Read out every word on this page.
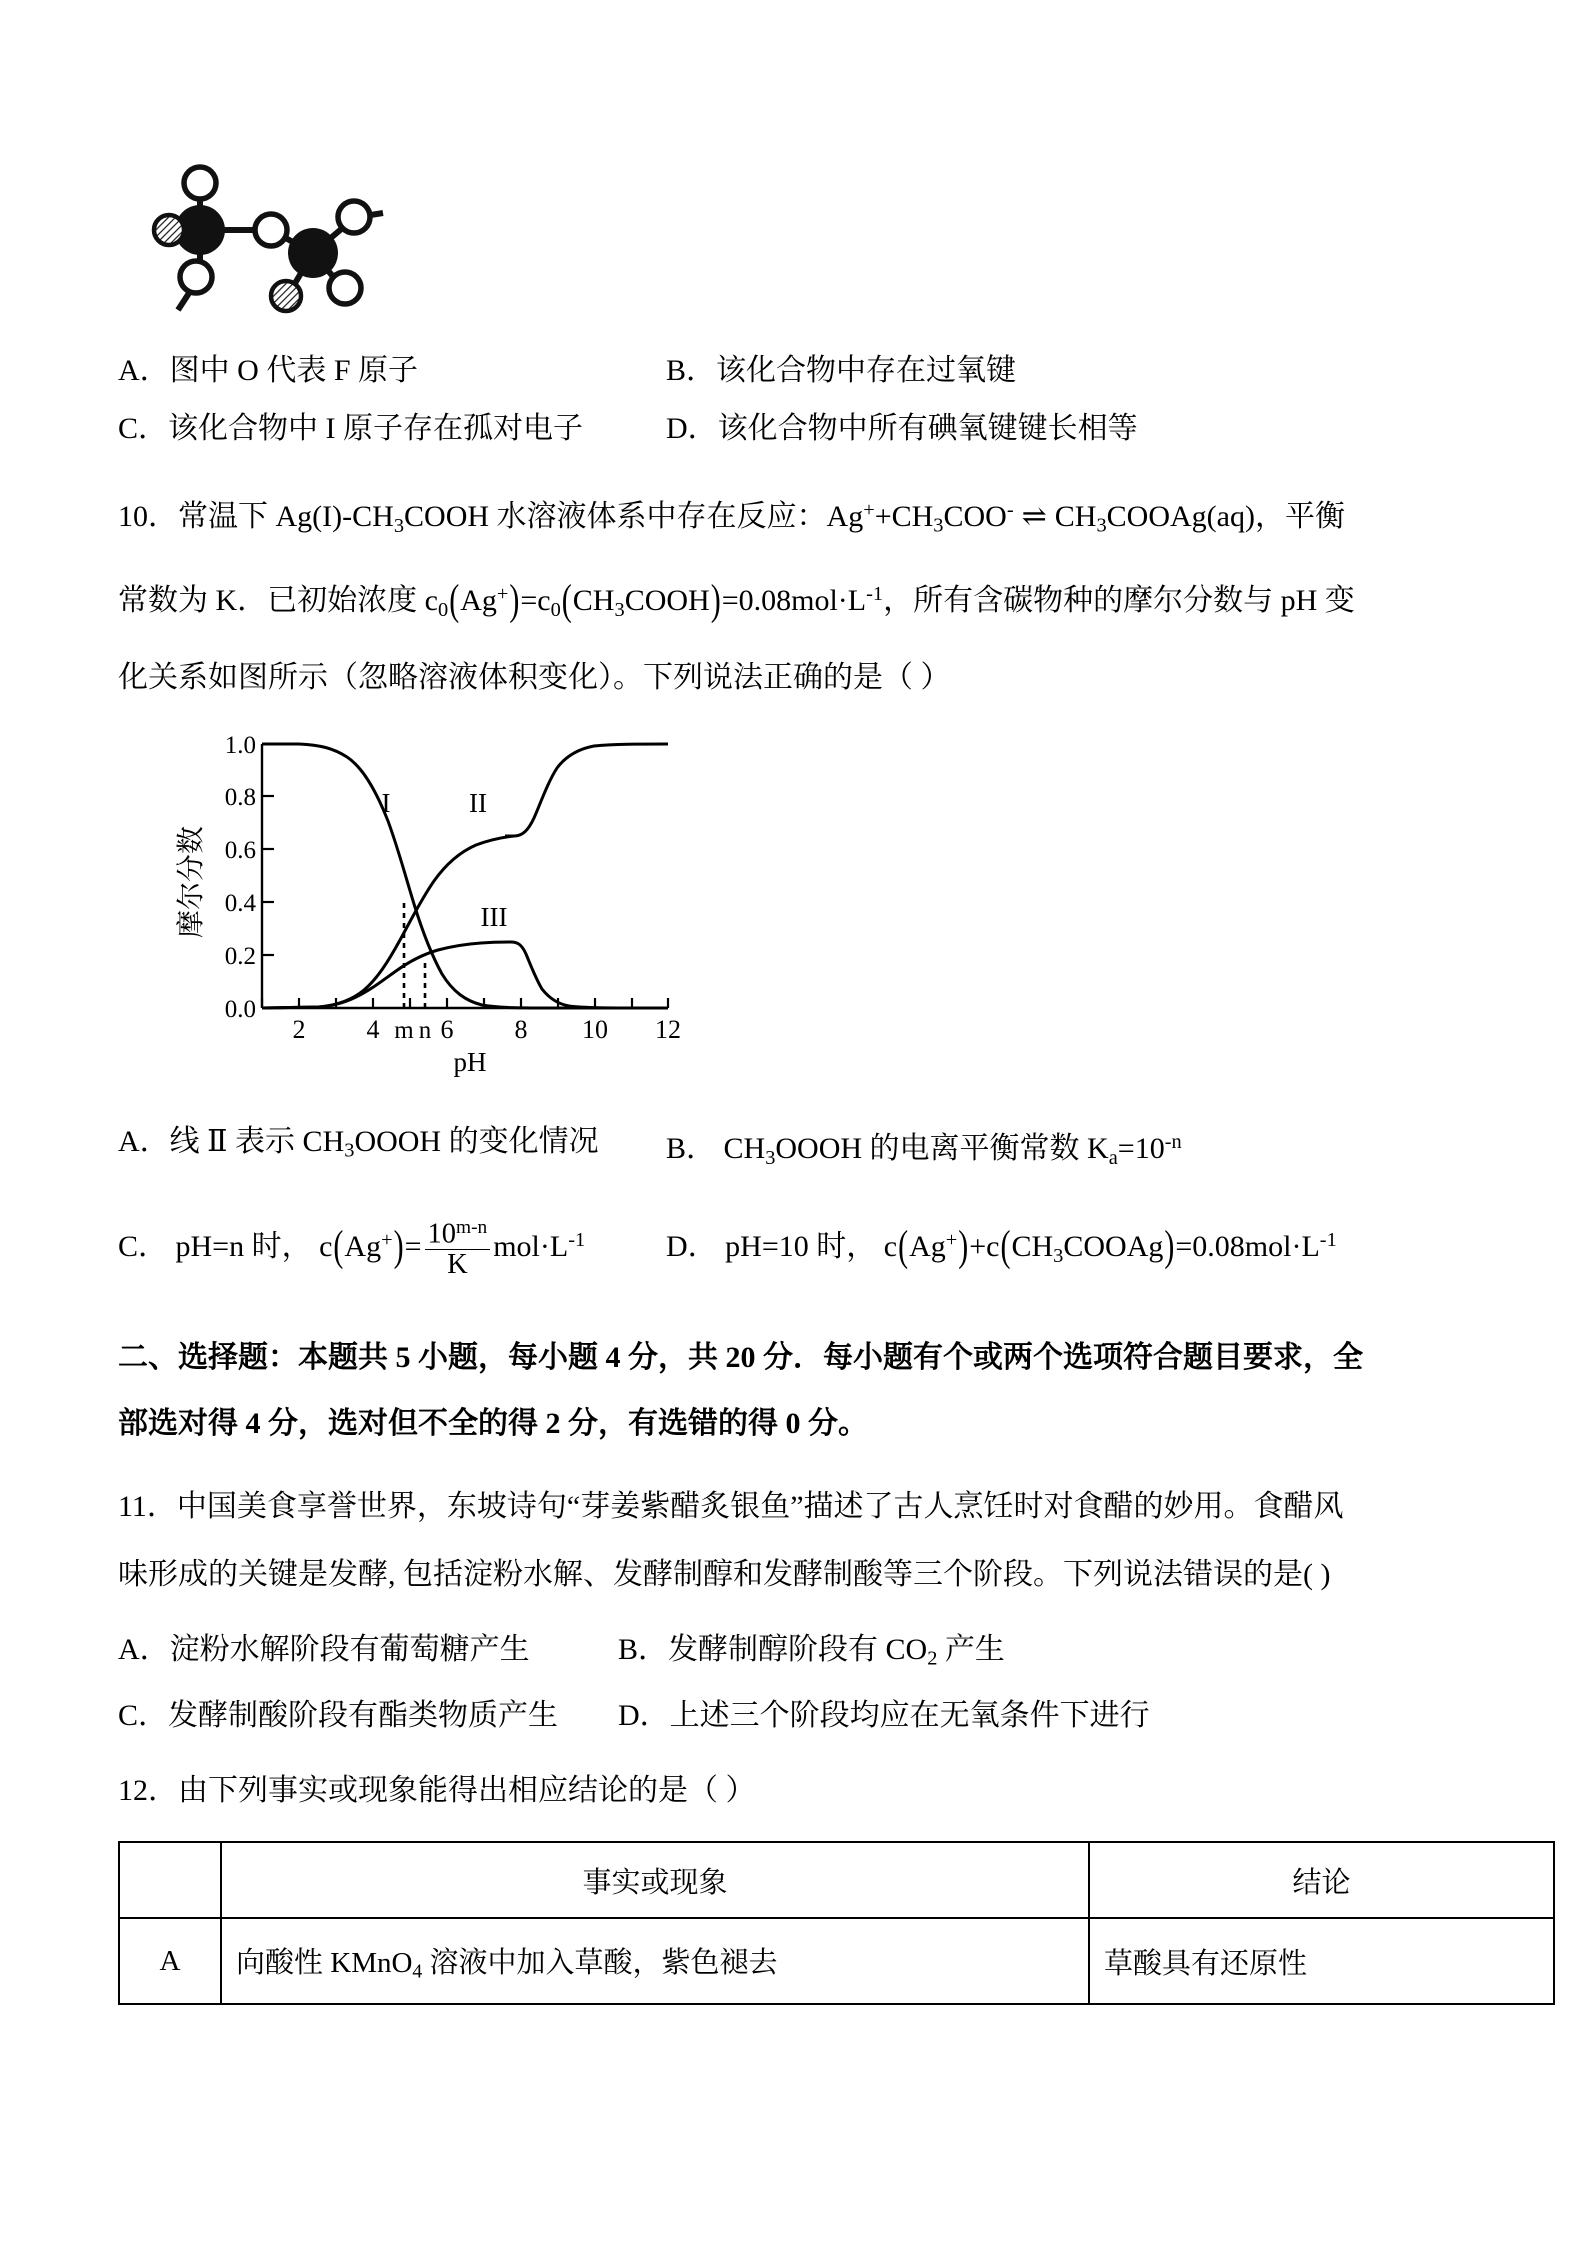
A．图中 O 代表 F 原子	B．该化合物中存在过氧键
C．该化合物中 I 原子存在孤对电子	D．该化合物中所有碘氧键键长相等
10．常温下 $Ag(I)-CH_3COOH$ 水溶液体系中存在反应：$Ag^++CH_3COO^-$ ⇌ $CH_3COOAg(aq)$，平衡
常数为 K．已初始浓度 $c_0(Ag^+)=c_0(CH_3COOH)=0.08mol\cdot L^{-1}$，所有含碳物种的摩尔分数与 pH 变
化关系如图所示（忽略溶液体积变化）。下列说法正确的是（ ）
0.0
0.2
0.4
0.6
0.8
1.0
2 4 6 8 10 12
m n
pH
摩尔分数
I	II
III
A．线 Ⅱ 表示 $CH_3OOOH$ 的变化情况	B． $CH_3OOOH$ 的电离平衡常数 $K_a=10^{-n}$
C． pH=n 时， $c(Ag^+)= \frac{10^{m-n}}{K} mol\cdot L^{-1}$	D． pH=10 时， $c(Ag^+)+c(CH_3COOAg)=0.08mol\cdot L^{-1}$
二、选择题：本题共 5 小题，每小题 4 分，共 20 分．每小题有个或两个选项符合题目要求，全
部选对得 4 分，选对但不全的得 2 分，有选错的得 0 分。
11．中国美食享誉世界，东坡诗句“芽姜紫醋炙银鱼”描述了古人烹饪时对食醋的妙用。食醋风
味形成的关键是发酵, 包括淀粉水解、发酵制醇和发酵制酸等三个阶段。下列说法错误的是( )
A．淀粉水解阶段有葡萄糖产生	B．发酵制醇阶段有 $CO_2$ 产生
C．发酵制酸阶段有酯类物质产生	D．上述三个阶段均应在无氧条件下进行
12．由下列事实或现象能得出相应结论的是（ ）
	事实或现象	结论
A	向酸性 KMnO$_4$ 溶液中加入草酸，紫色褪去	草酸具有还原性
